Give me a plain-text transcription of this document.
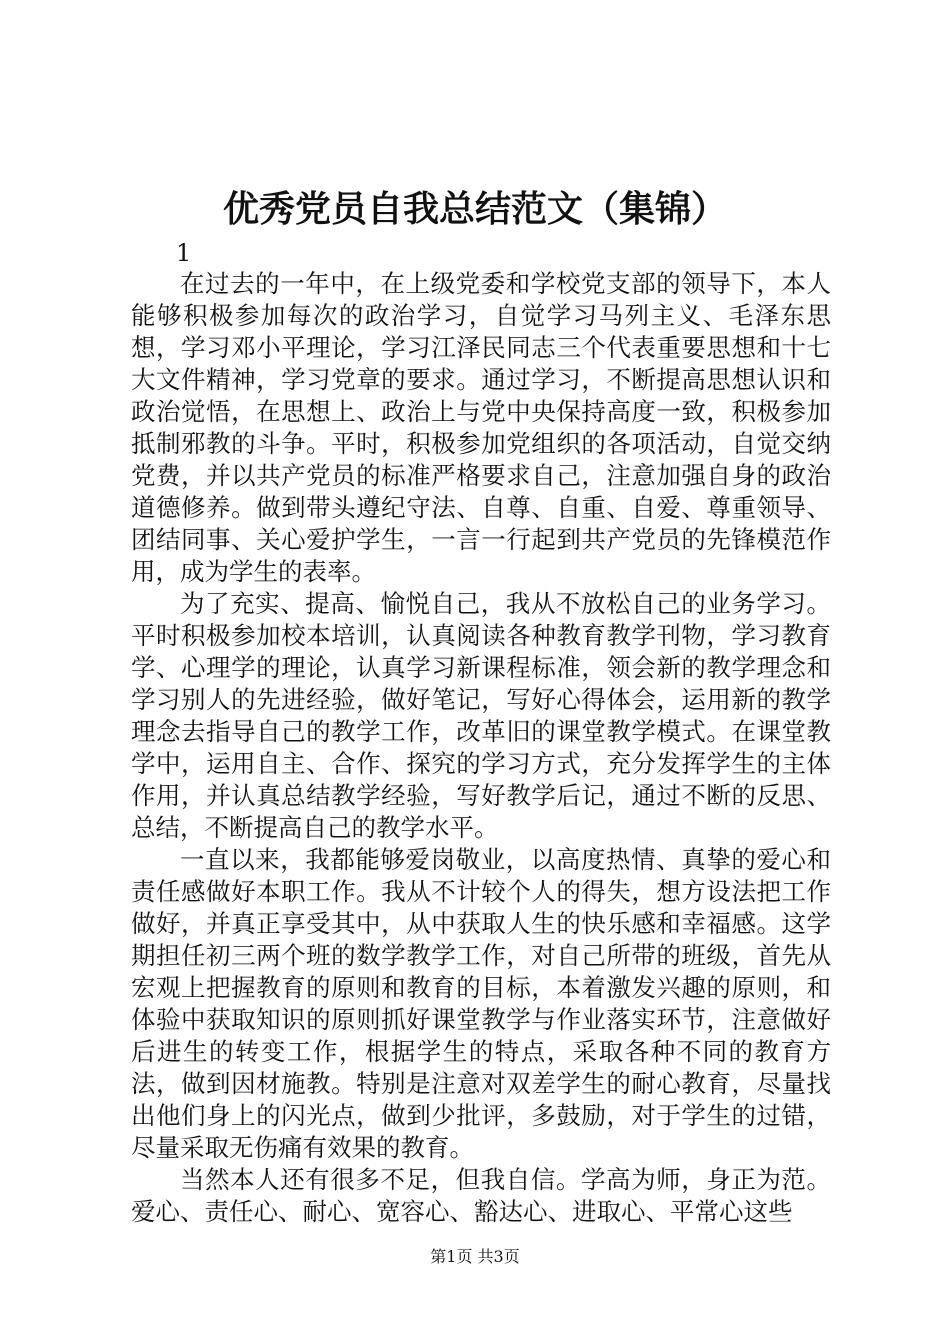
优秀党员自我总结范文（集锦）

1

在过去的一年中，在上级党委和学校党支部的领导下，本人能够积极参加每次的政治学习，自觉学习马列主义、毛泽东思想，学习邓小平理论，学习江泽民同志三个代表重要思想和十七大文件精神，学习党章的要求。通过学习，不断提高思想认识和政治觉悟，在思想上、政治上与党中央保持高度一致，积极参加抵制邪教的斗争。平时，积极参加党组织的各项活动，自觉交纳党费，并以共产党员的标准严格要求自己，注意加强自身的政治道德修养。做到带头遵纪守法、自尊、自重、自爱、尊重领导、团结同事、关心爱护学生，一言一行起到共产党员的先锋模范作用，成为学生的表率。

为了充实、提高、愉悦自己，我从不放松自己的业务学习。平时积极参加校本培训，认真阅读各种教育教学刊物，学习教育学、心理学的理论，认真学习新课程标准，领会新的教学理念和学习别人的先进经验，做好笔记，写好心得体会，运用新的教学理念去指导自己的教学工作，改革旧的课堂教学模式。在课堂教学中，运用自主、合作、探究的学习方式，充分发挥学生的主体作用，并认真总结教学经验，写好教学后记，通过不断的反思、总结，不断提高自己的教学水平。

一直以来，我都能够爱岗敬业，以高度热情、真挚的爱心和责任感做好本职工作。我从不计较个人的得失，想方设法把工作做好，并真正享受其中，从中获取人生的快乐感和幸福感。这学期担任初三两个班的数学教学工作，对自己所带的班级，首先从宏观上把握教育的原则和教育的目标，本着激发兴趣的原则，和体验中获取知识的原则抓好课堂教学与作业落实环节，注意做好后进生的转变工作，根据学生的特点，采取各种不同的教育方法，做到因材施教。特别是注意对双差学生的耐心教育，尽量找出他们身上的闪光点，做到少批评，多鼓励，对于学生的过错，尽量采取无伤痛有效果的教育。

当然本人还有很多不足，但我自信。学高为师，身正为范。爱心、责任心、耐心、宽容心、豁达心、进取心、平常心这些

第1页 共3页
